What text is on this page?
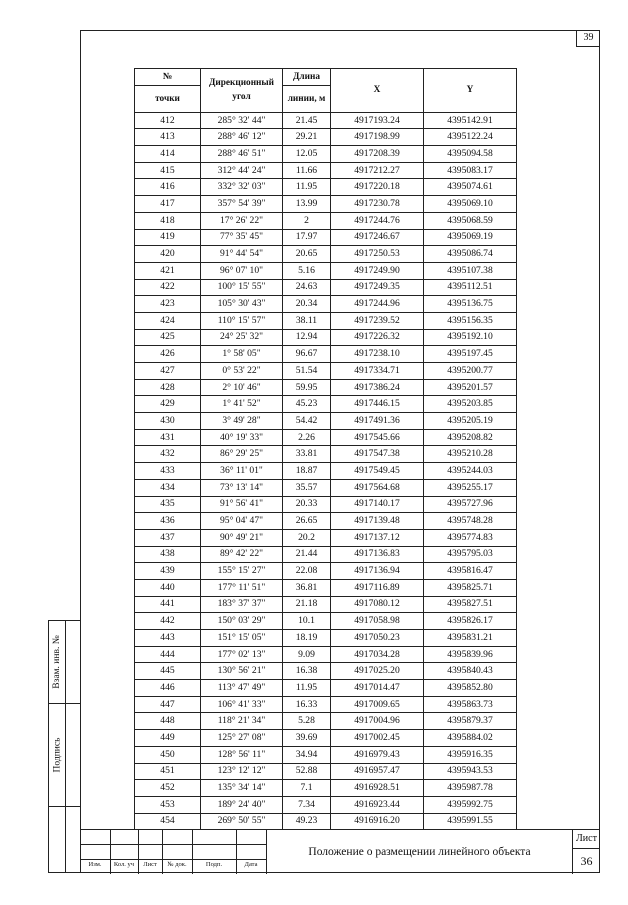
39
Взам. инв. №
Подпись
№	Дирекционный угол	Длина	X	Y
точки		линии, м		
412	285° 32' 44"	21.45	4917193.24	4395142.91
413	288° 46' 12"	29.21	4917198.99	4395122.24
414	288° 46' 51"	12.05	4917208.39	4395094.58
415	312° 44' 24"	11.66	4917212.27	4395083.17
416	332° 32' 03"	11.95	4917220.18	4395074.61
417	357° 54' 39"	13.99	4917230.78	4395069.10
418	17° 26' 22"	2	4917244.76	4395068.59
419	77° 35' 45"	17.97	4917246.67	4395069.19
420	91° 44' 54"	20.65	4917250.53	4395086.74
421	96° 07' 10"	5.16	4917249.90	4395107.38
422	100° 15' 55"	24.63	4917249.35	4395112.51
423	105° 30' 43"	20.34	4917244.96	4395136.75
424	110° 15' 57"	38.11	4917239.52	4395156.35
425	24° 25' 32"	12.94	4917226.32	4395192.10
426	1° 58' 05"	96.67	4917238.10	4395197.45
427	0° 53' 22"	51.54	4917334.71	4395200.77
428	2° 10' 46"	59.95	4917386.24	4395201.57
429	1° 41' 52"	45.23	4917446.15	4395203.85
430	3° 49' 28"	54.42	4917491.36	4395205.19
431	40° 19' 33"	2.26	4917545.66	4395208.82
432	86° 29' 25"	33.81	4917547.38	4395210.28
433	36° 11' 01"	18.87	4917549.45	4395244.03
434	73° 13' 14"	35.57	4917564.68	4395255.17
435	91° 56' 41"	20.33	4917140.17	4395727.96
436	95° 04' 47"	26.65	4917139.48	4395748.28
437	90° 49' 21"	20.2	4917137.12	4395774.83
438	89° 42' 22"	21.44	4917136.83	4395795.03
439	155° 15' 27"	22.08	4917136.94	4395816.47
440	177° 11' 51"	36.81	4917116.89	4395825.71
441	183° 37' 37"	21.18	4917080.12	4395827.51
442	150° 03' 29"	10.1	4917058.98	4395826.17
443	151° 15' 05"	18.19	4917050.23	4395831.21
444	177° 02' 13"	9.09	4917034.28	4395839.96
445	130° 56' 21"	16.38	4917025.20	4395840.43
446	113° 47' 49"	11.95	4917014.47	4395852.80
447	106° 41' 33"	16.33	4917009.65	4395863.73
448	118° 21' 34"	5.28	4917004.96	4395879.37
449	125° 27' 08"	39.69	4917002.45	4395884.02
450	128° 56' 11"	34.94	4916979.43	4395916.35
451	123° 12' 12"	52.88	4916957.47	4395943.53
452	135° 34' 14"	7.1	4916928.51	4395987.78
453	189° 24' 40"	7.34	4916923.44	4395992.75
454	269° 50' 55"	49.23	4916916.20	4395991.55
Изм.	Кол. уч	Лист	№ док.	Подп.	Дата
Положение о размещении линейного объекта
Лист
36
